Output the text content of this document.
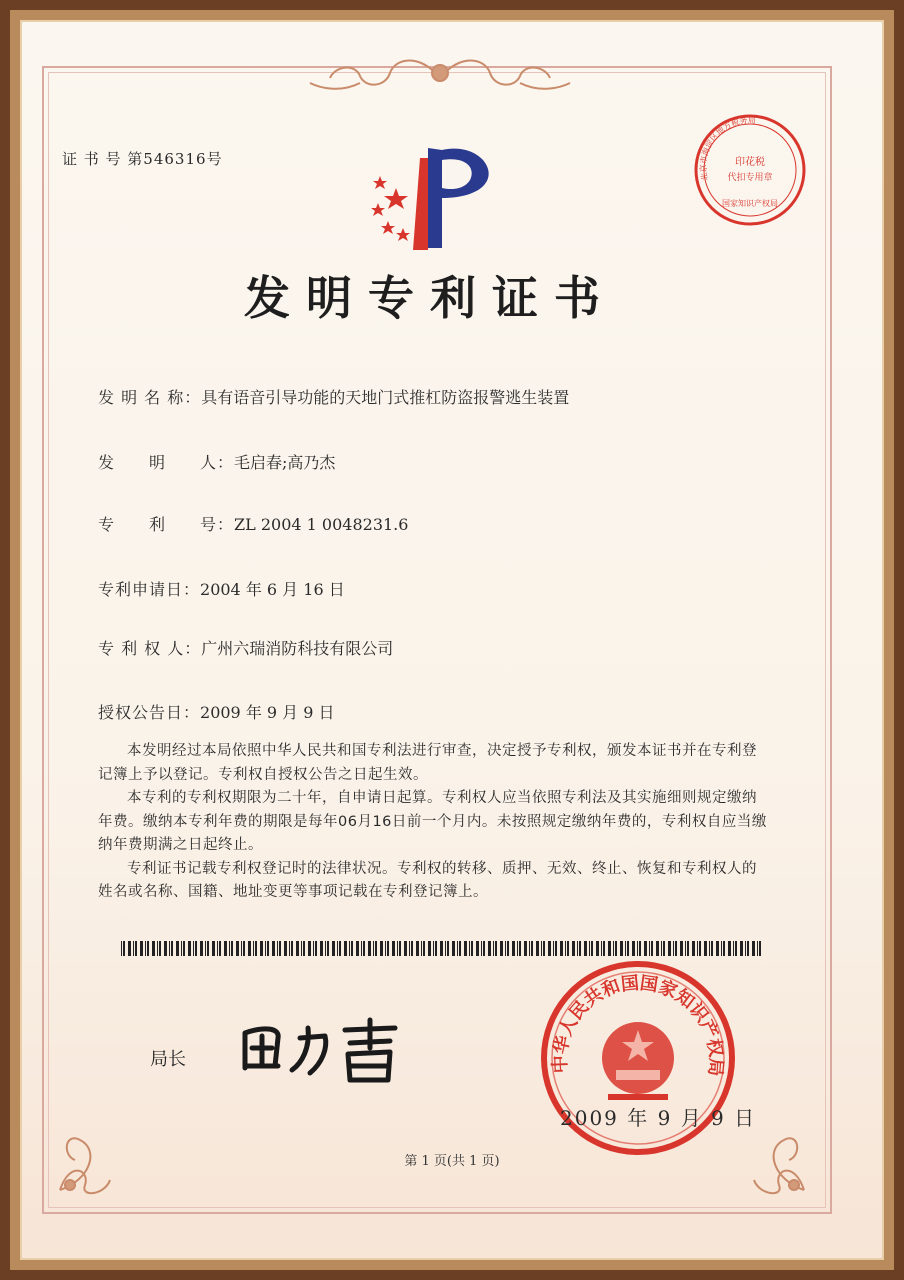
证 书 号 第546316号
发明专利证书
发 明 名 称：具有语音引导功能的天地门式推杠防盗报警逃生装置
发　　明　　人：毛启春;高乃杰
专　　利　　号：ZL 2004 1 0048231.6
专利申请日：2004 年 6 月 16 日
专 利 权 人：广州六瑞消防科技有限公司
授权公告日：2009 年 9 月 9 日

本发明经过本局依照中华人民共和国专利法进行审查，决定授予专利权，颁发本证书并在专利登记簿上予以登记。专利权自授权公告之日起生效。

本专利的专利权期限为二十年，自申请日起算。专利权人应当依照专利法及其实施细则规定缴纳年费。缴纳本专利年费的期限是每年06月16日前一个月内。未按照规定缴纳年费的，专利权自应当缴纳年费期满之日起终止。

专利证书记载专利权登记时的法律状况。专利权的转移、质押、无效、终止、恢复和专利权人的姓名或名称、国籍、地址变更等事项记载在专利登记簿上。

局长	中华人民共和国国家知识产权局
2009 年 9 月 9 日
北京市海淀区地方税务局
印花税
代扣专用章
国家知识产权局
第 1 页(共 1 页)
